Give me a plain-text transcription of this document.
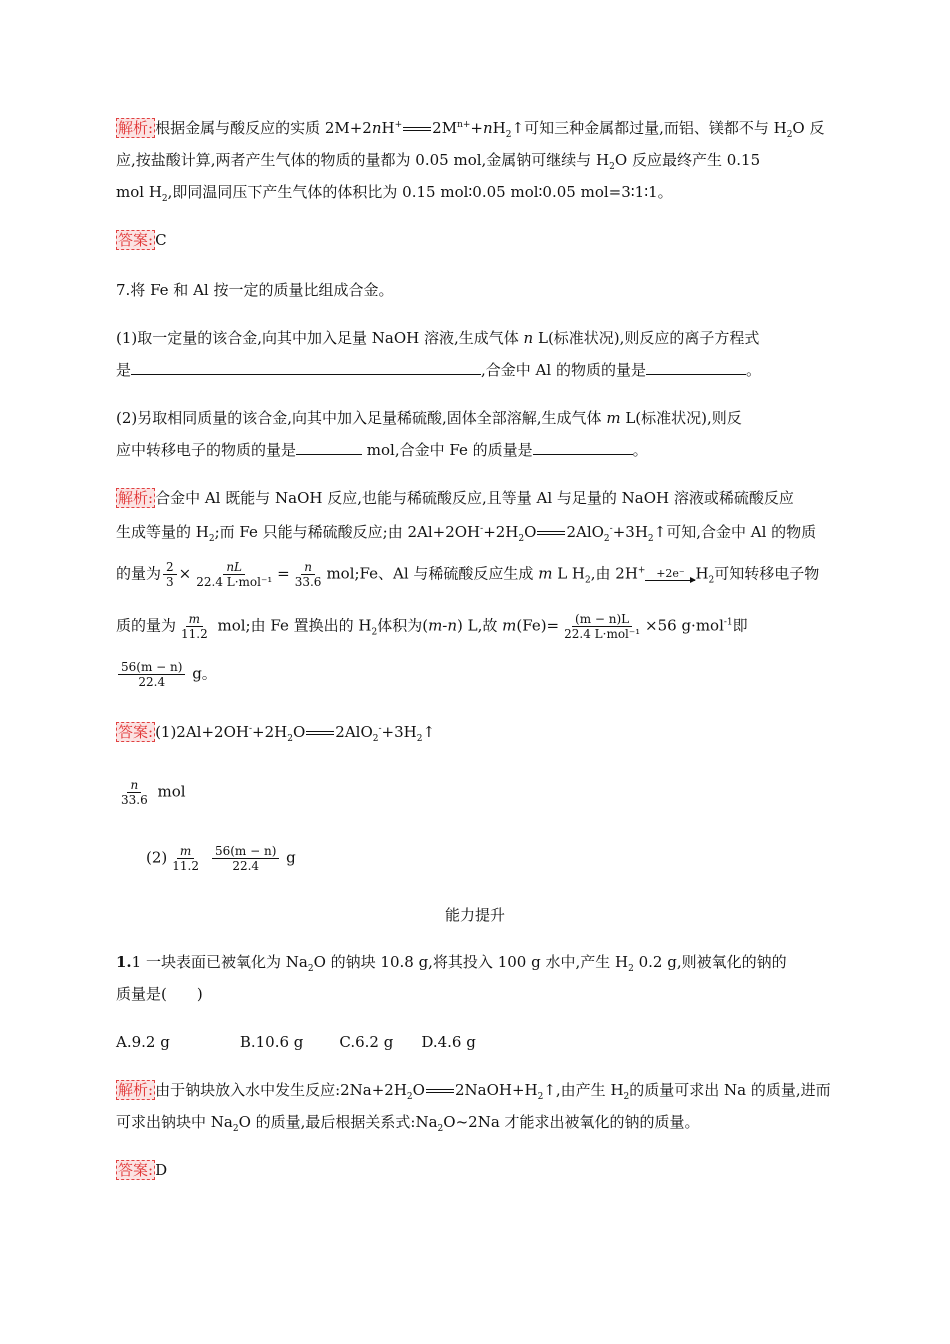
解析: 根据金属与酸反应的实质 2M+2nH+ $2M^{n+}+nH_2↑$可知三种金属都过量,而铝、镁都不与 $H_2O$ 反
应,按盐酸计算,两者产生气体的物质的量都为 0.05 mol,金属钠可继续与 $H_2O$ 反应最终产生 0.15
mol $H_2$,即同温同压下产生气体的体积比为 0.15 mol∶0.05 mol∶0.05 mol=3∶1∶1。
答案: C
7.将 Fe 和 Al 按一定的质量比组成合金。
(1)取一定量的该合金,向其中加入足量 NaOH 溶液,生成气体 n L(标准状况),则反应的离子方程式
是	,合金中 Al 的物质的量是	。
(2)另取相同质量的该合金,向其中加入足量稀硫酸,固体全部溶解,生成气体 m L(标准状况),则反
应中转移电子的物质的量是	mol,合金中 Fe 的质量是	。
解析: 合金中 Al 既能与 NaOH 反应,也能与稀硫酸反应,且等量 Al 与足量的 NaOH 溶液或稀硫酸反应
生成等量的 $H_2$;而 Fe 只能与稀硫酸反应;由 $2Al+2OH^-+2H_2O$ $2AlO_2^-+3H_2↑$可知,合金中 Al 的物质
的量为 $\frac{2}{3} \times \frac{nL}{\text{22.4 L·mol⁻¹}} = \frac{n}{33.6}$ mol;Fe、Al 与稀硫酸反应生成 m L $H_2$,由 2H+ +2e⁻ $H_2$可知转移电子物
质的量为 $\frac{m}{11.2}$ mol;由 Fe 置换出的 $H_2$体积为(m-n) L,故 $m(Fe)= \frac{(m - n)L}{\text{22.4 L·mol⁻¹}} \times 56$ g·mol$^{-1}$即
$\frac{56(m - n)}{22.4}$ g。
答案: $(1)2Al+2OH^-+2H_2O$ $2AlO_2^-+3H_2↑$
$\frac{n}{33.6}$ mol
$(2) \frac{m}{11.2} \frac{56(m - n)}{22.4}$ g
能力提升
1.1 一块表面已被氧化为 $Na_2O$ 的钠块 10.8 g,将其投入 100 g 水中,产生 $H_2$ 0.2 g,则被氧化的钠的
质量是(　　)
A.9.2 g	B.10.6 g C.6.2 g D.4.6 g
解析: 由于钠块放入水中发生反应$:2Na+2H_2O$ $2NaOH+H_2↑$,由产生 $H_2$的质量可求出 Na 的质量,进而
可求出钠块中 $Na_2O$ 的质量,最后根据关系式$:Na_2O\sim 2Na$ 才能求出被氧化的钠的质量。
答案: D
